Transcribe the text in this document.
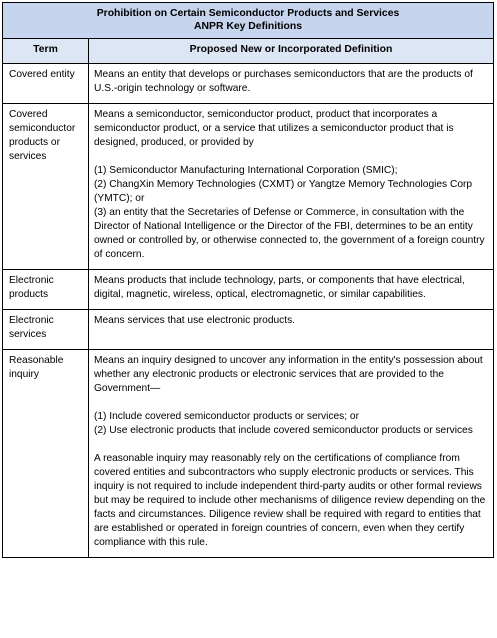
Prohibition on Certain Semiconductor Products and Services
ANPR Key Definitions	

Term	Proposed New or Incorporated Definition
Covered entity	Means an entity that develops or purchases semiconductors that are the products of U.S.-origin technology or software.

Covered semiconductor products or services	Means a semiconductor, semiconductor product, product that incorporates a semiconductor product, or a service that utilizes a semiconductor product that is designed, produced, or provided by

(1) Semiconductor Manufacturing International Corporation (SMIC);

(2) ChangXin Memory Technologies (CXMT) or Yangtze Memory Technologies Corp (YMTC); or

(3) an entity that the Secretaries of Defense or Commerce, in consultation with the Director of National Intelligence or the Director of the FBI, determines to be an entity owned or controlled by, or otherwise connected to, the government of a foreign country of concern.

Electronic products	Means products that include technology, parts, or components that have electrical, digital, magnetic, wireless, optical, electromagnetic, or similar capabilities.

Electronic services	Means services that use electronic products.

Reasonable inquiry	Means an inquiry designed to uncover any information in the entity's possession about whether any electronic products or electronic services that are provided to the Government—

(1) Include covered semiconductor products or services; or

(2) Use electronic products that include covered semiconductor products or services

A reasonable inquiry may reasonably rely on the certifications of compliance from covered entities and subcontractors who supply electronic products or services. This inquiry is not required to include independent third-party audits or other formal reviews but may be required to include other mechanisms of diligence review depending on the facts and circumstances. Diligence review shall be required with regard to entities that are established or operated in foreign countries of concern, even when they certify compliance with this rule.
